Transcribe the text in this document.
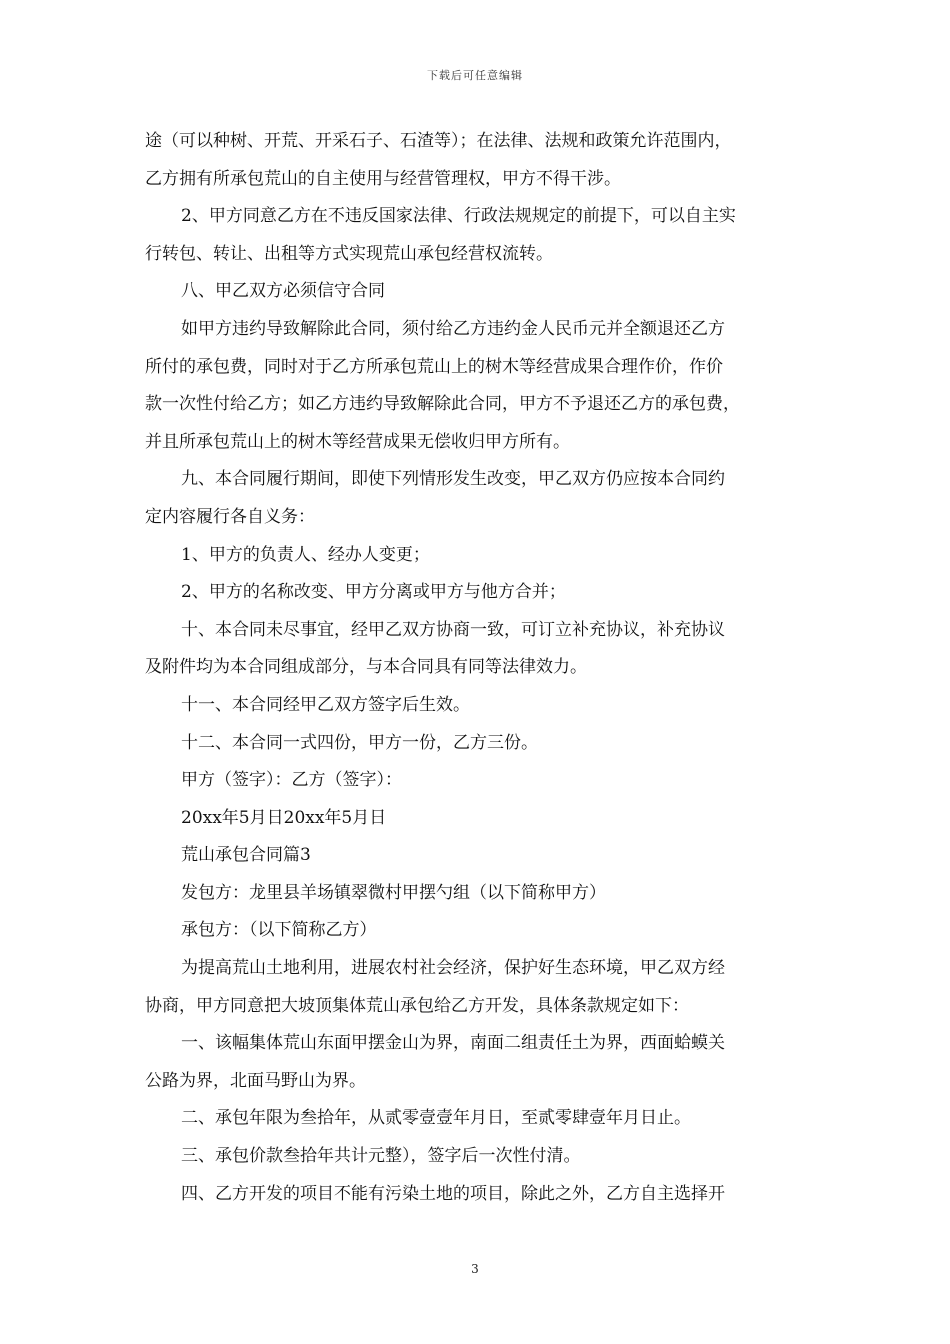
下载后可任意编辑

途（可以种树、开荒、开采石子、石渣等）；在法律、法规和政策允许范围内，

乙方拥有所承包荒山的自主使用与经营管理权，甲方不得干涉。

2、甲方同意乙方在不违反国家法律、行政法规规定的前提下，可以自主实

行转包、转让、出租等方式实现荒山承包经营权流转。

八、甲乙双方必须信守合同

如甲方违约导致解除此合同，须付给乙方违约金人民币元并全额退还乙方

所付的承包费，同时对于乙方所承包荒山上的树木等经营成果合理作价，作价

款一次性付给乙方；如乙方违约导致解除此合同，甲方不予退还乙方的承包费，

并且所承包荒山上的树木等经营成果无偿收归甲方所有。

九、本合同履行期间，即使下列情形发生改变，甲乙双方仍应按本合同约

定内容履行各自义务：

1、甲方的负责人、经办人变更；

2、甲方的名称改变、甲方分离或甲方与他方合并；

十、本合同未尽事宜，经甲乙双方协商一致，可订立补充协议，补充协议

及附件均为本合同组成部分，与本合同具有同等法律效力。

十一、本合同经甲乙双方签字后生效。

十二、本合同一式四份，甲方一份，乙方三份。

甲方（签字）：乙方（签字）：

20xx年5月日20xx年5月日

荒山承包合同篇3

发包方：龙里县羊场镇翠微村甲摆勺组（以下简称甲方）

承包方：（以下简称乙方）

为提高荒山土地利用，进展农村社会经济，保护好生态环境，甲乙双方经

协商，甲方同意把大坡顶集体荒山承包给乙方开发，具体条款规定如下：

一、该幅集体荒山东面甲摆金山为界，南面二组责任土为界，西面蛤蟆关

公路为界，北面马野山为界。

二、承包年限为叁拾年，从贰零壹壹年月日，至贰零肆壹年月日止。

三、承包价款叁拾年共计元整），签字后一次性付清。

四、乙方开发的项目不能有污染土地的项目，除此之外，乙方自主选择开

3
